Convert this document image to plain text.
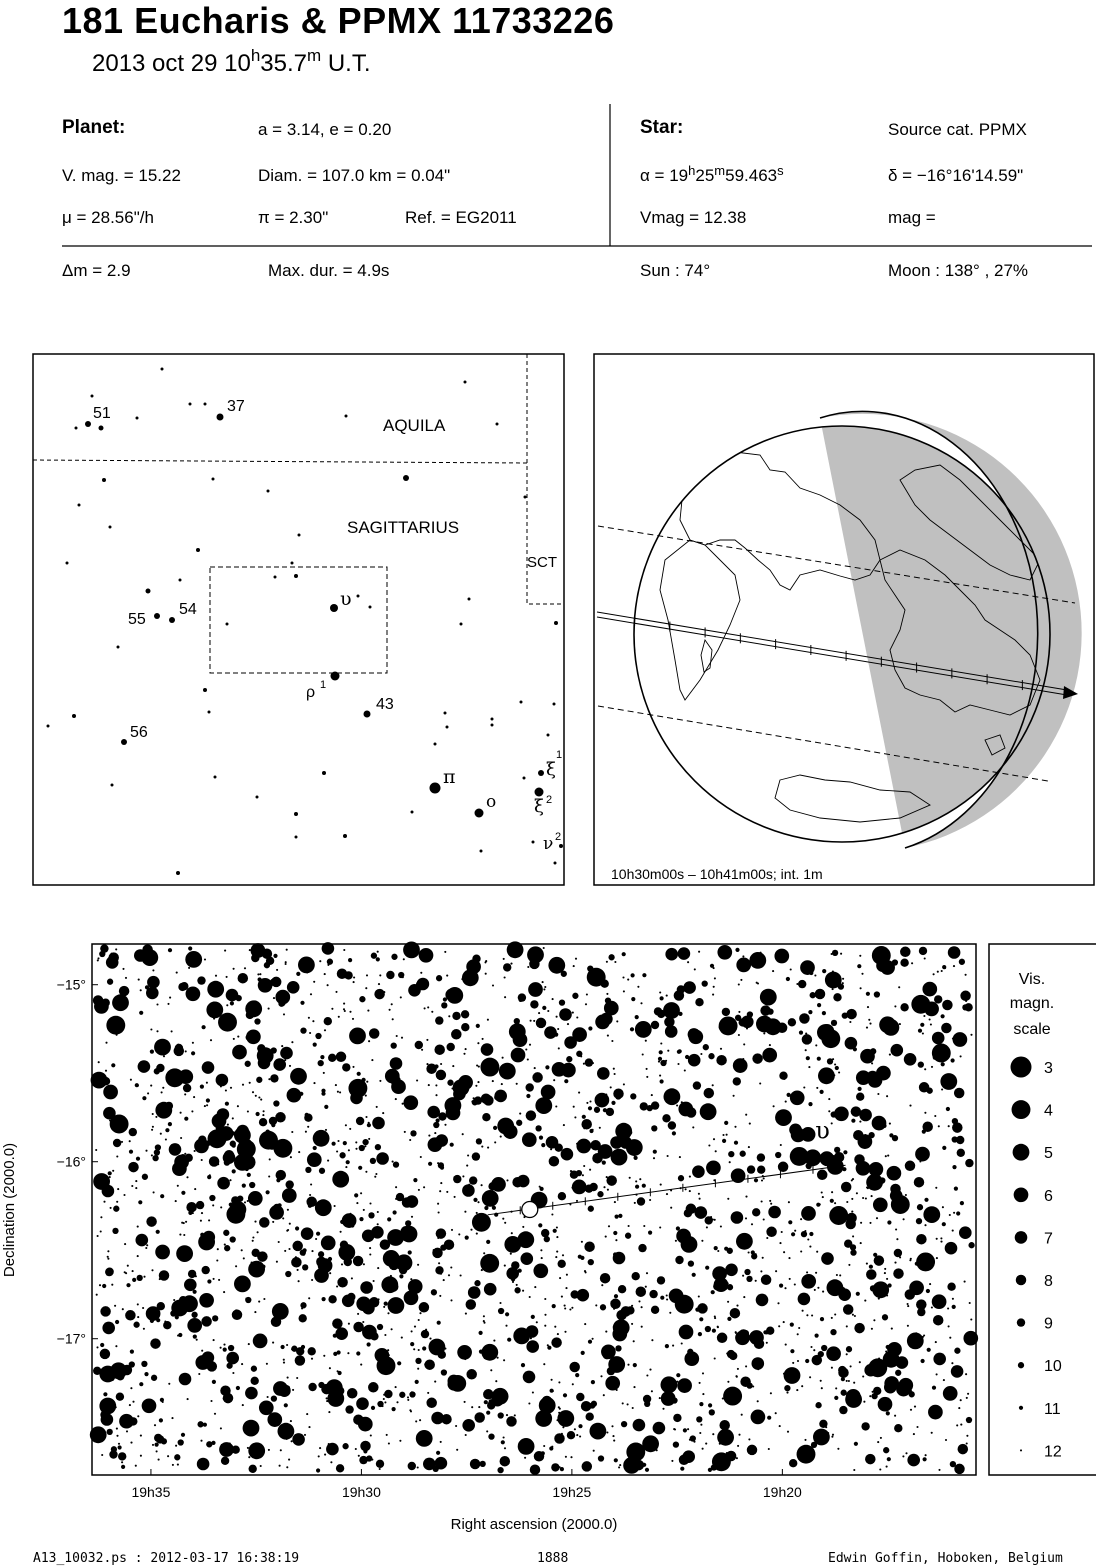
181 Eucharis & PPMX 11733226
2013 oct 29 10$^h$35.7$^m$ U.T.
Planet:	a = 3.14, e = 0.20
V. mag. = 15.22	Diam. = 107.0 km = 0.04"
μ = 28.56"/h	π = 2.30"	Ref. = EG2011
Star:	Source cat. PPMX
$\alpha = 19^h25^m59.463^s$	δ = −16°16'14.59"
Vmag = 12.38	mag =
Δm = 2.9	Max. dur. = 4.9s	Sun : 74°	Moon : 138° , 27%
AQUILA
SAGITTARIUS
SCT
51	37
55
54
56
43
υ
ρ 1
π
ο
ξ
1
ξ 2
ν 2
10h30m00s – 10h41m00s; int. 1m
υ
−15°
−16°
−17°
19h35	19h30	19h25	19h20
Right ascension (2000.0)
Declination (2000.0)
Vis.
magn.
scale
3
4
5
6
7
8
9
10
11
12
A13_10032.ps : 2012-03-17 16:38:19	1888	Edwin Goffin, Hoboken, Belgium
